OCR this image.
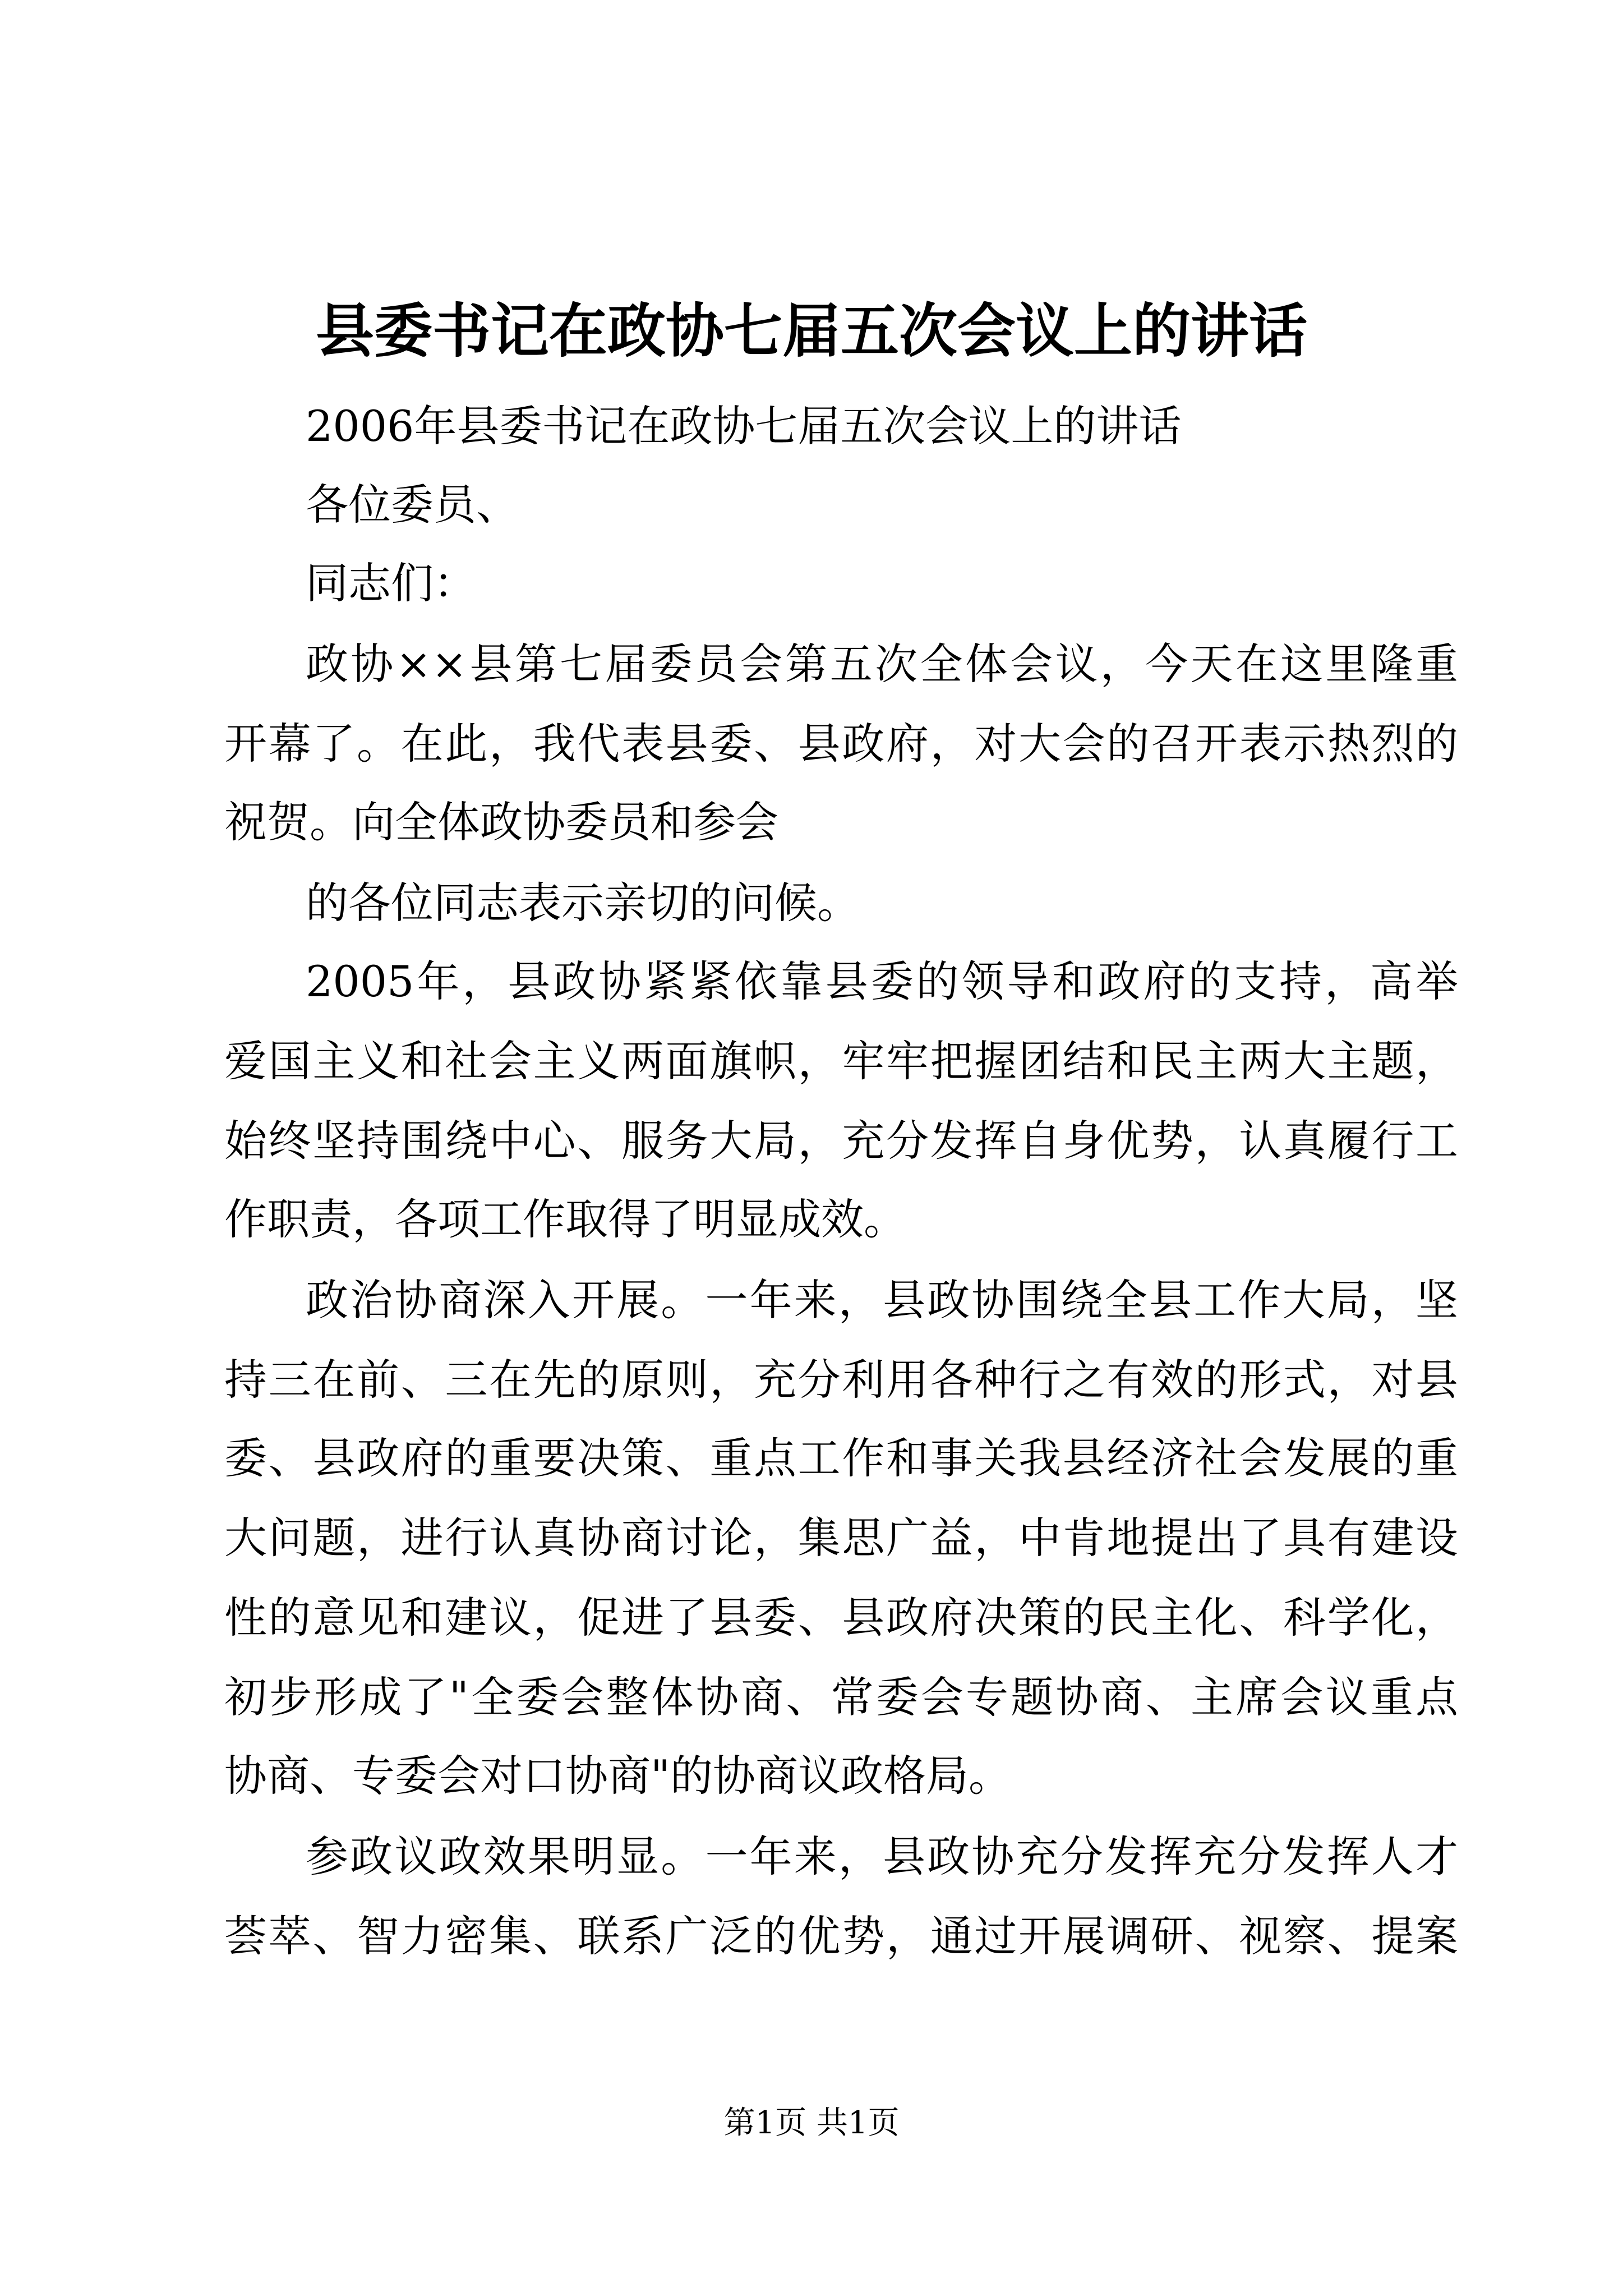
县委书记在政协七届五次会议上的讲话
2006年县委书记在政协七届五次会议上的讲话
各位委员、
同志们：
政协××县第七届委员会第五次全体会议，今天在这里隆重
开幕了。在此，我代表县委、县政府，对大会的召开表示热烈的
祝贺。向全体政协委员和参会
的各位同志表示亲切的问候。
2005年，县政协紧紧依靠县委的领导和政府的支持，高举
爱国主义和社会主义两面旗帜，牢牢把握团结和民主两大主题，
始终坚持围绕中心、服务大局，充分发挥自身优势，认真履行工
作职责，各项工作取得了明显成效。
政治协商深入开展。一年来，县政协围绕全县工作大局，坚
持三在前、三在先的原则，充分利用各种行之有效的形式，对县
委、县政府的重要决策、重点工作和事关我县经济社会发展的重
大问题，进行认真协商讨论，集思广益，中肯地提出了具有建设
性的意见和建议，促进了县委、县政府决策的民主化、科学化，
初步形成了"全委会整体协商、常委会专题协商、主席会议重点
协商、专委会对口协商"的协商议政格局。
参政议政效果明显。一年来，县政协充分发挥充分发挥人才
荟萃、智力密集、联系广泛的优势，通过开展调研、视察、提案
第1页 共1页
